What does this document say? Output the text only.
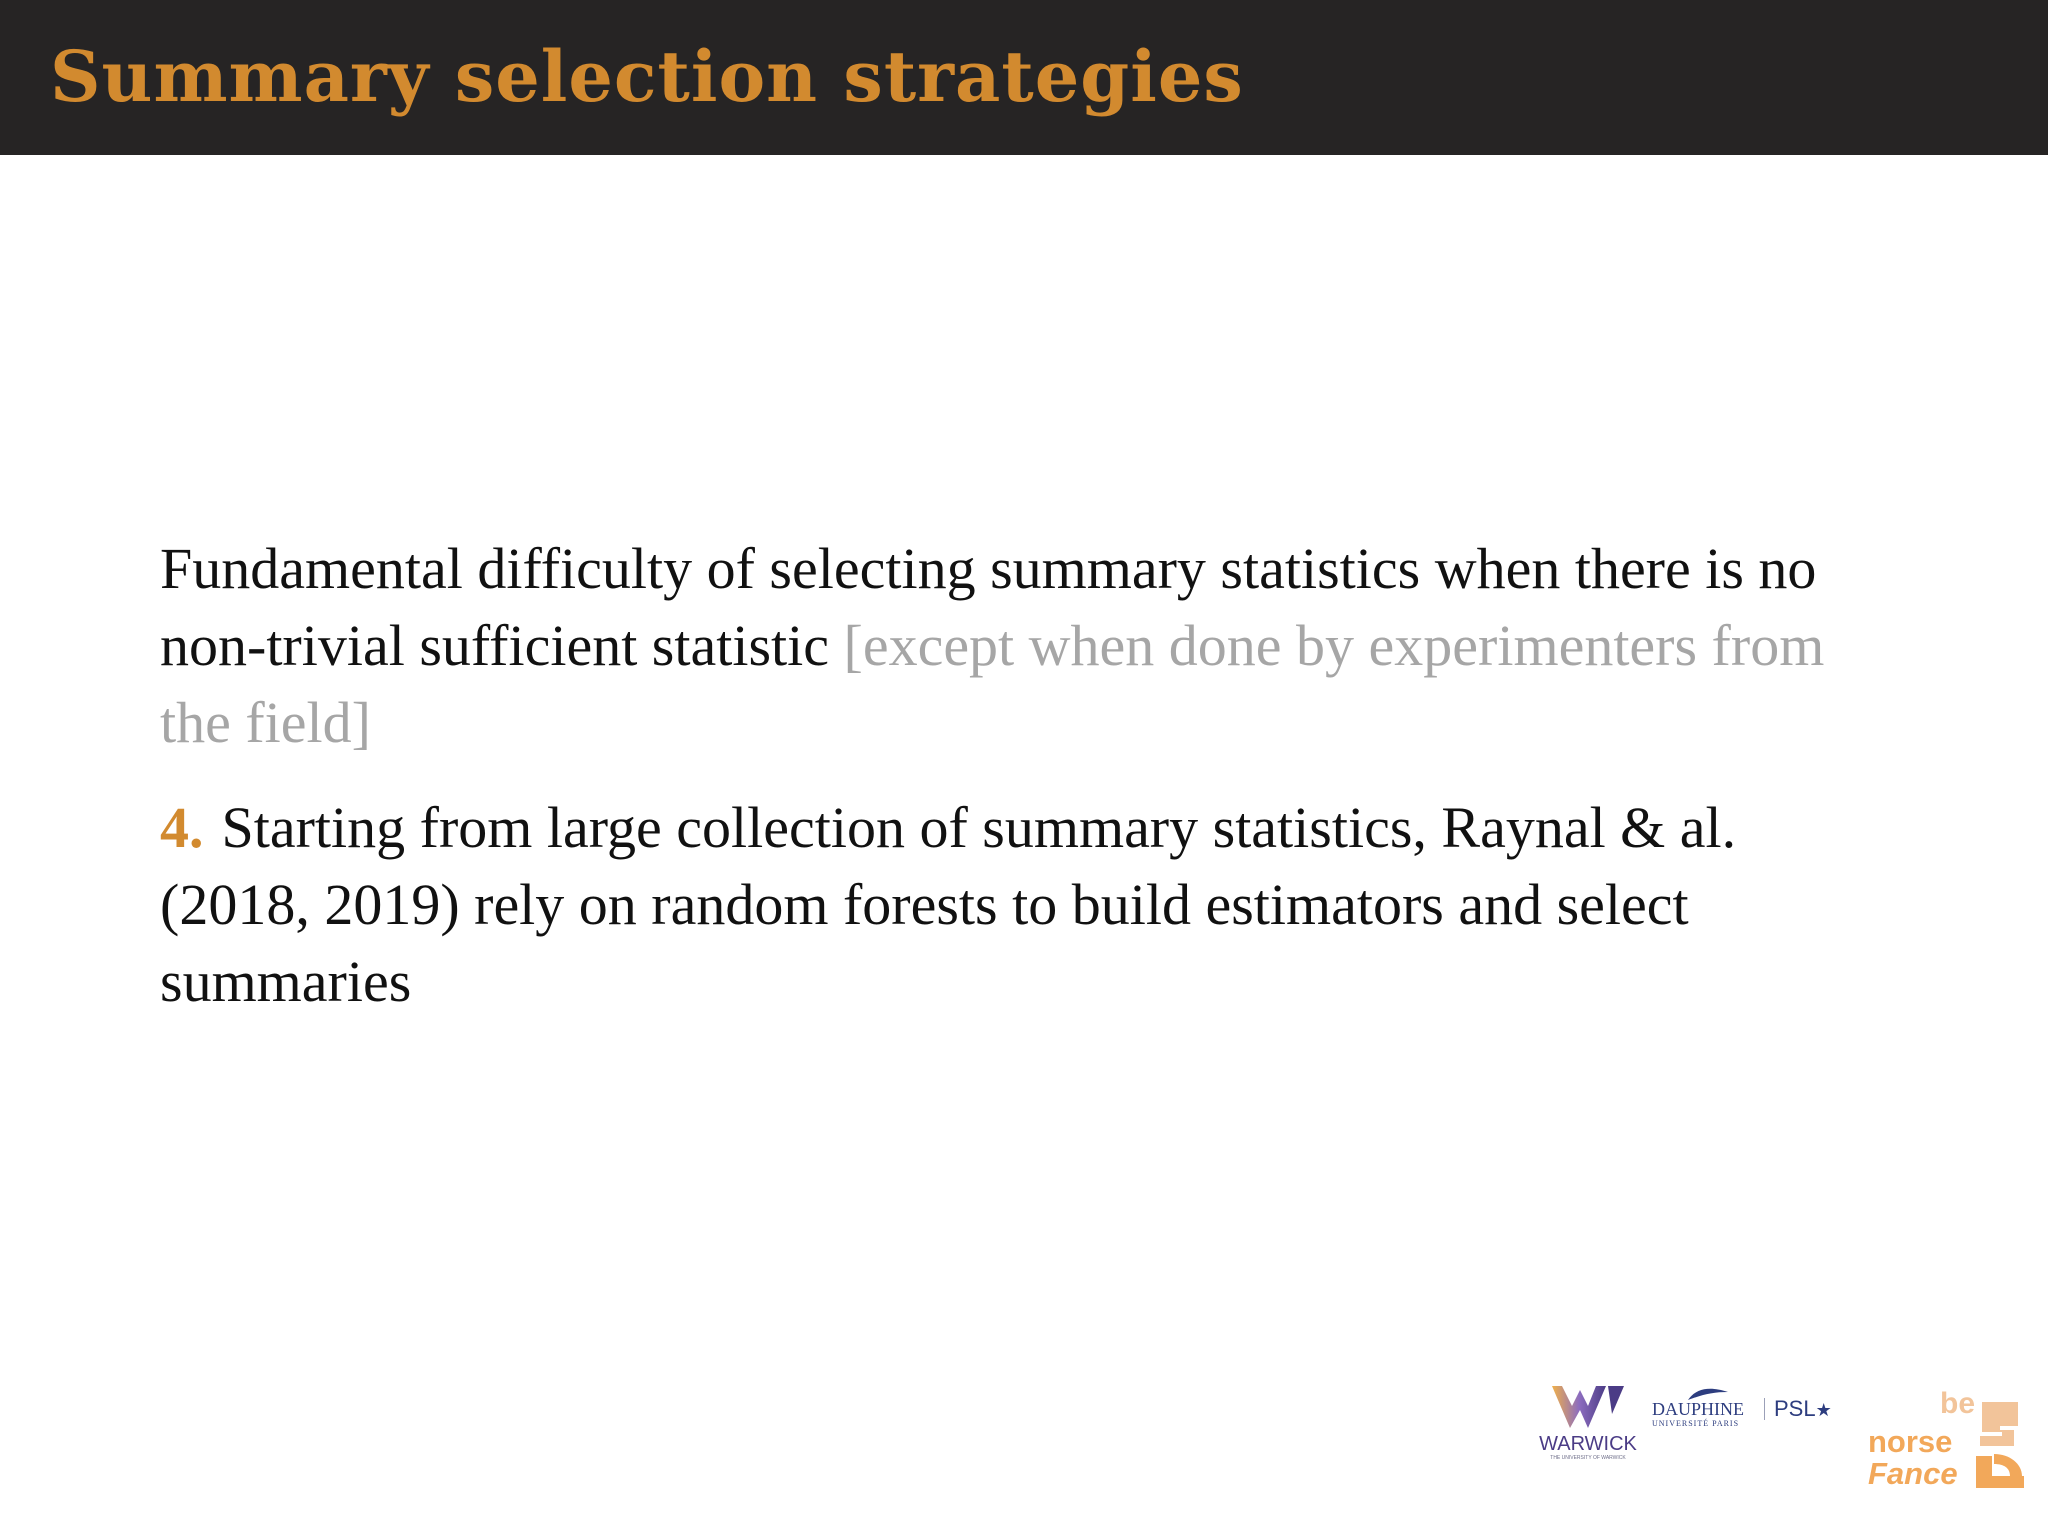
Summary selection strategies

Fundamental difficulty of selecting summary statistics when there is no non-trivial sufficient statistic [except when done by experimenters from the field]

4. Starting from large collection of summary statistics, Raynal & al. (2018, 2019) rely on random forests to build estimators and select summaries

WARWICK
THE UNIVERSITY OF WARWICK
DAUPHINE
UNIVERSITÉ PARIS
PSL★	be
norse
Fance
